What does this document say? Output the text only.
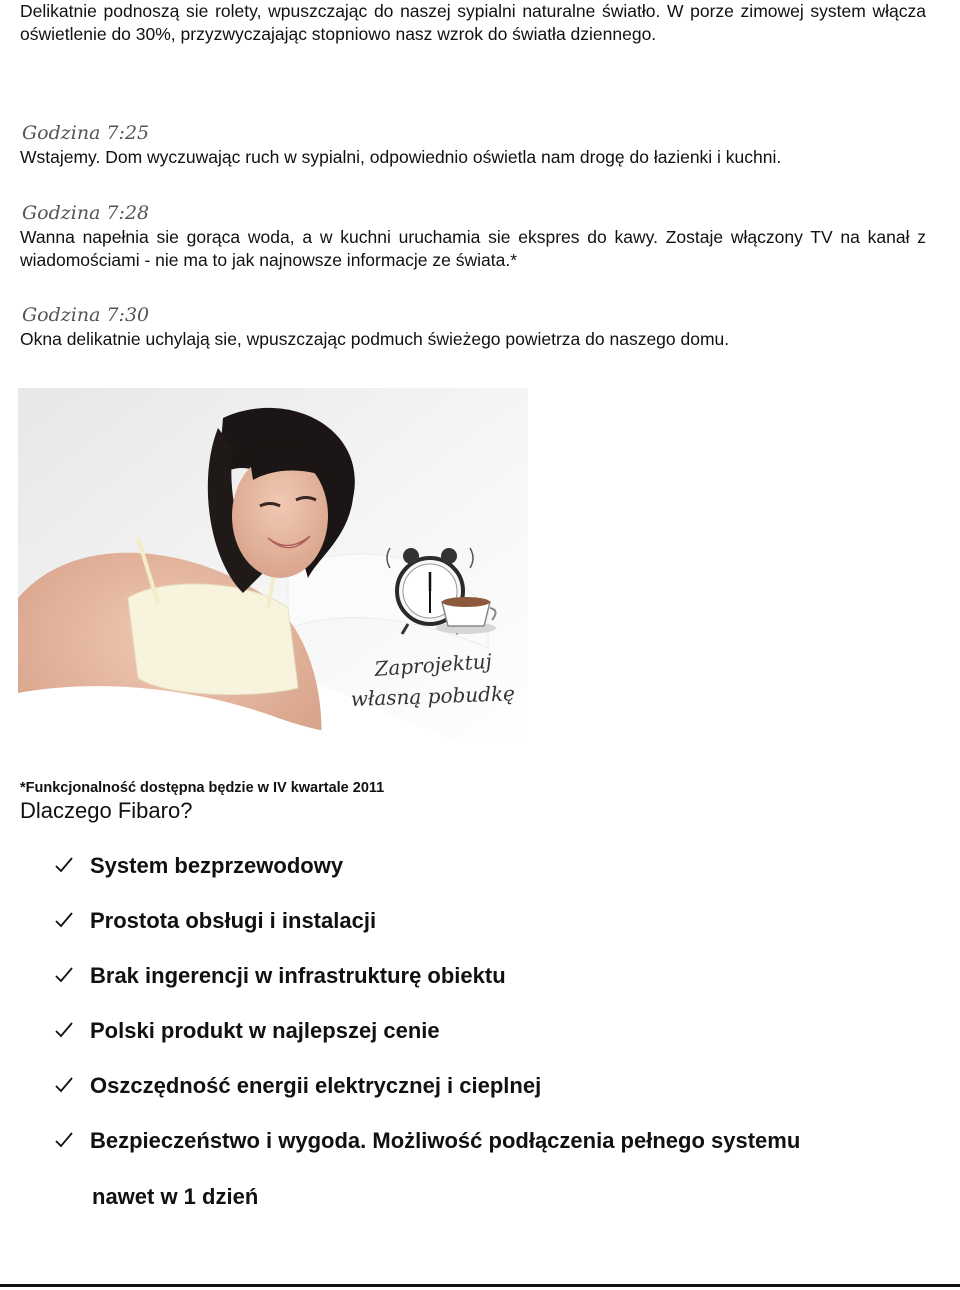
Delikatnie podnoszą sie rolety, wpuszczając do naszej sypialni naturalne światło. W porze zimowej system włącza oświetlenie do 30%, przyzwyczajając stopniowo nasz wzrok do światła dziennego.

Godzina 7:25

Wstajemy. Dom wyczuwając ruch w sypialni, odpowiednio oświetla nam drogę do łazienki i kuchni.

Godzina 7:28

Wanna napełnia sie gorąca woda, a w kuchni uruchamia sie ekspres do kawy. Zostaje włączony TV na kanał z wiadomościami - nie ma to jak najnowsze informacje ze świata.*

Godzina 7:30

Okna delikatnie uchylają sie, wpuszczając podmuch świeżego powietrza do naszego domu.

Zaprojektuj
własną pobudkę

*Funkcjonalność dostępna będzie w IV kwartale 2011

Dlaczego Fibaro?
System bezprzewodowy
Prostota obsługi i instalacji
Brak ingerencji w infrastrukturę obiektu
Polski produkt w najlepszej cenie
Oszczędność energii elektrycznej i cieplnej
Bezpieczeństwo i wygoda. Możliwość podłączenia pełnego systemu
nawet w 1 dzień
